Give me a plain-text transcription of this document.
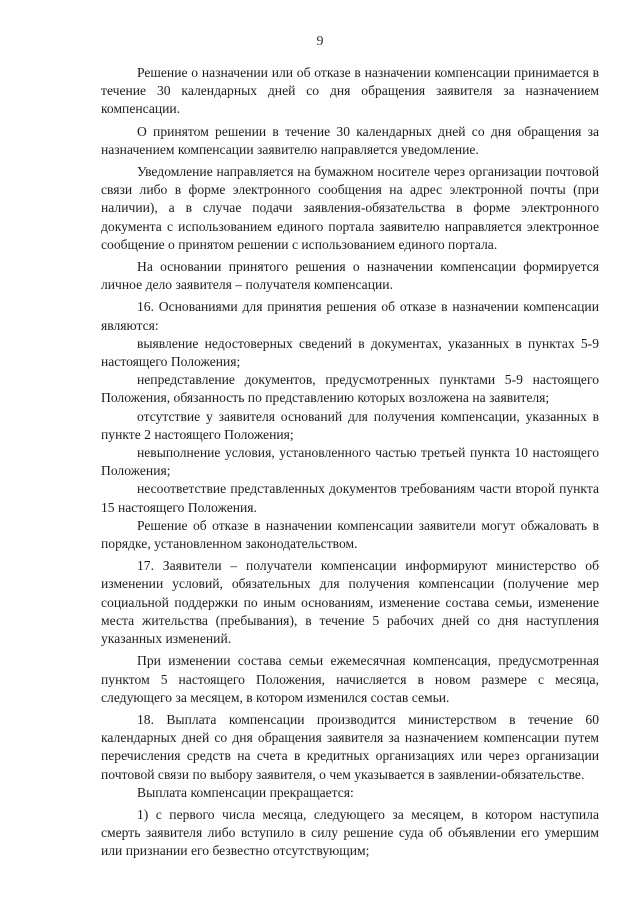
9

Решение о назначении или об отказе в назначении компенсации принимается в течение 30 календарных дней со дня обращения заявителя за назначением компенсации.

О принятом решении в течение 30 календарных дней со дня обращения за назначением компенсации заявителю направляется уведомление.

Уведомление направляется на бумажном носителе через организации почтовой связи либо в форме электронного сообщения на адрес электронной почты (при наличии), а в случае подачи заявления-обязательства в форме электронного документа с использованием единого портала заявителю направляется электронное сообщение о принятом решении с использованием единого портала.

На основании принятого решения о назначении компенсации формируется личное дело заявителя – получателя компенсации.

16. Основаниями для принятия решения об отказе в назначении компенсации являются:

выявление недостоверных сведений в документах, указанных в пунктах 5-9 настоящего Положения;

непредставление документов, предусмотренных пунктами 5-9 настоящего Положения, обязанность по представлению которых возложена на заявителя;

отсутствие у заявителя оснований для получения компенсации, указанных в пункте 2 настоящего Положения;

невыполнение условия, установленного частью третьей пункта 10 настоящего Положения;

несоответствие представленных документов требованиям части второй пункта 15 настоящего Положения.

Решение об отказе в назначении компенсации заявители могут обжаловать в порядке, установленном законодательством.

17. Заявители – получатели компенсации информируют министерство об изменении условий, обязательных для получения компенсации (получение мер социальной поддержки по иным основаниям, изменение состава семьи, изменение места жительства (пребывания), в течение 5 рабочих дней со дня наступления указанных изменений.

При изменении состава семьи ежемесячная компенсация, предусмотренная пунктом 5 настоящего Положения, начисляется в новом размере с месяца, следующего за месяцем, в котором изменился состав семьи.

18. Выплата компенсации производится министерством в течение 60 календарных дней со дня обращения заявителя за назначением компенсации путем перечисления средств на счета в кредитных организациях или через организации почтовой связи по выбору заявителя, о чем указывается в заявлении-обязательстве.

Выплата компенсации прекращается:

1) с первого числа месяца, следующего за месяцем, в котором наступила смерть заявителя либо вступило в силу решение суда об объявлении его умершим или признании его безвестно отсутствующим;
